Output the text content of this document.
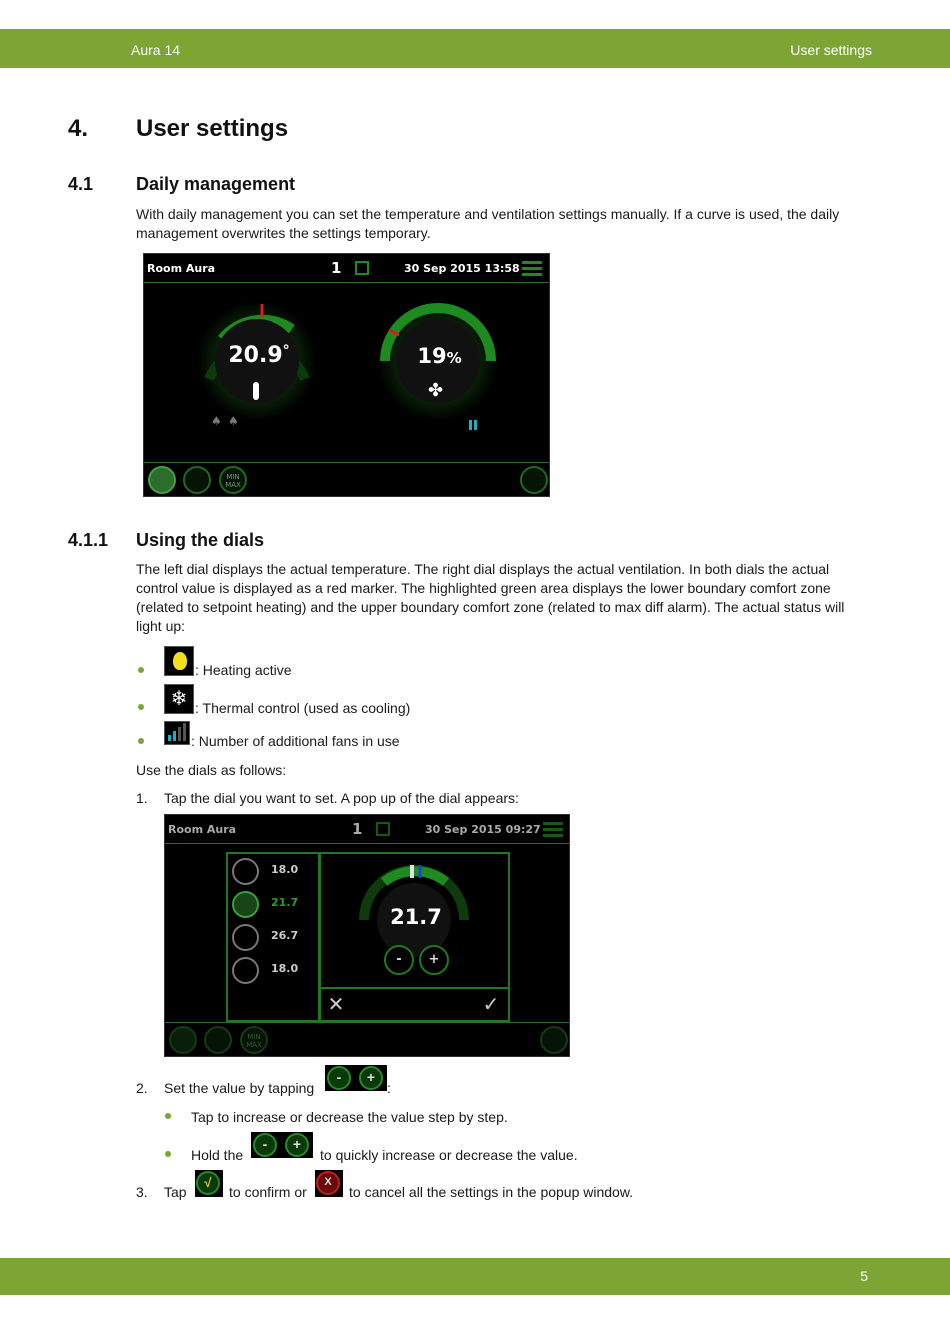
Aura 14	User settings
4. User settings
4.1 Daily management
With daily management you can set the temperature and ventilation settings manually. If a curve is used, the daily management overwrites the settings temporary.
Room Aura	1	30 Sep 2015 13:58
20.9°
♠ ♠
19%
✤
MIN MAX
4.1.1 Using the dials
The left dial displays the actual temperature. The right dial displays the actual ventilation. In both dials the actual control value is displayed as a red marker. The highlighted green area displays the lower boundary comfort zone (related to setpoint heating) and the upper boundary comfort zone (related to max diff alarm). The actual status will light up:
: Heating active
❄ : Thermal control (used as cooling)
: Number of additional fans in use
Use the dials as follows:
1. Tap the dial you want to set. A pop up of the dial appears:
Room Aura	1	30 Sep 2015 09:27
18.0
21.7
26.7
18.0
21.7
-	+
✕	✓
MIN MAX
2. Set the value by tapping
-	+
:
Tap to increase or decrease the value step by step.
Hold the
-	+
to quickly increase or decrease the value.
3. Tap
√
to confirm or
X
to cancel all the settings in the popup window.
5
